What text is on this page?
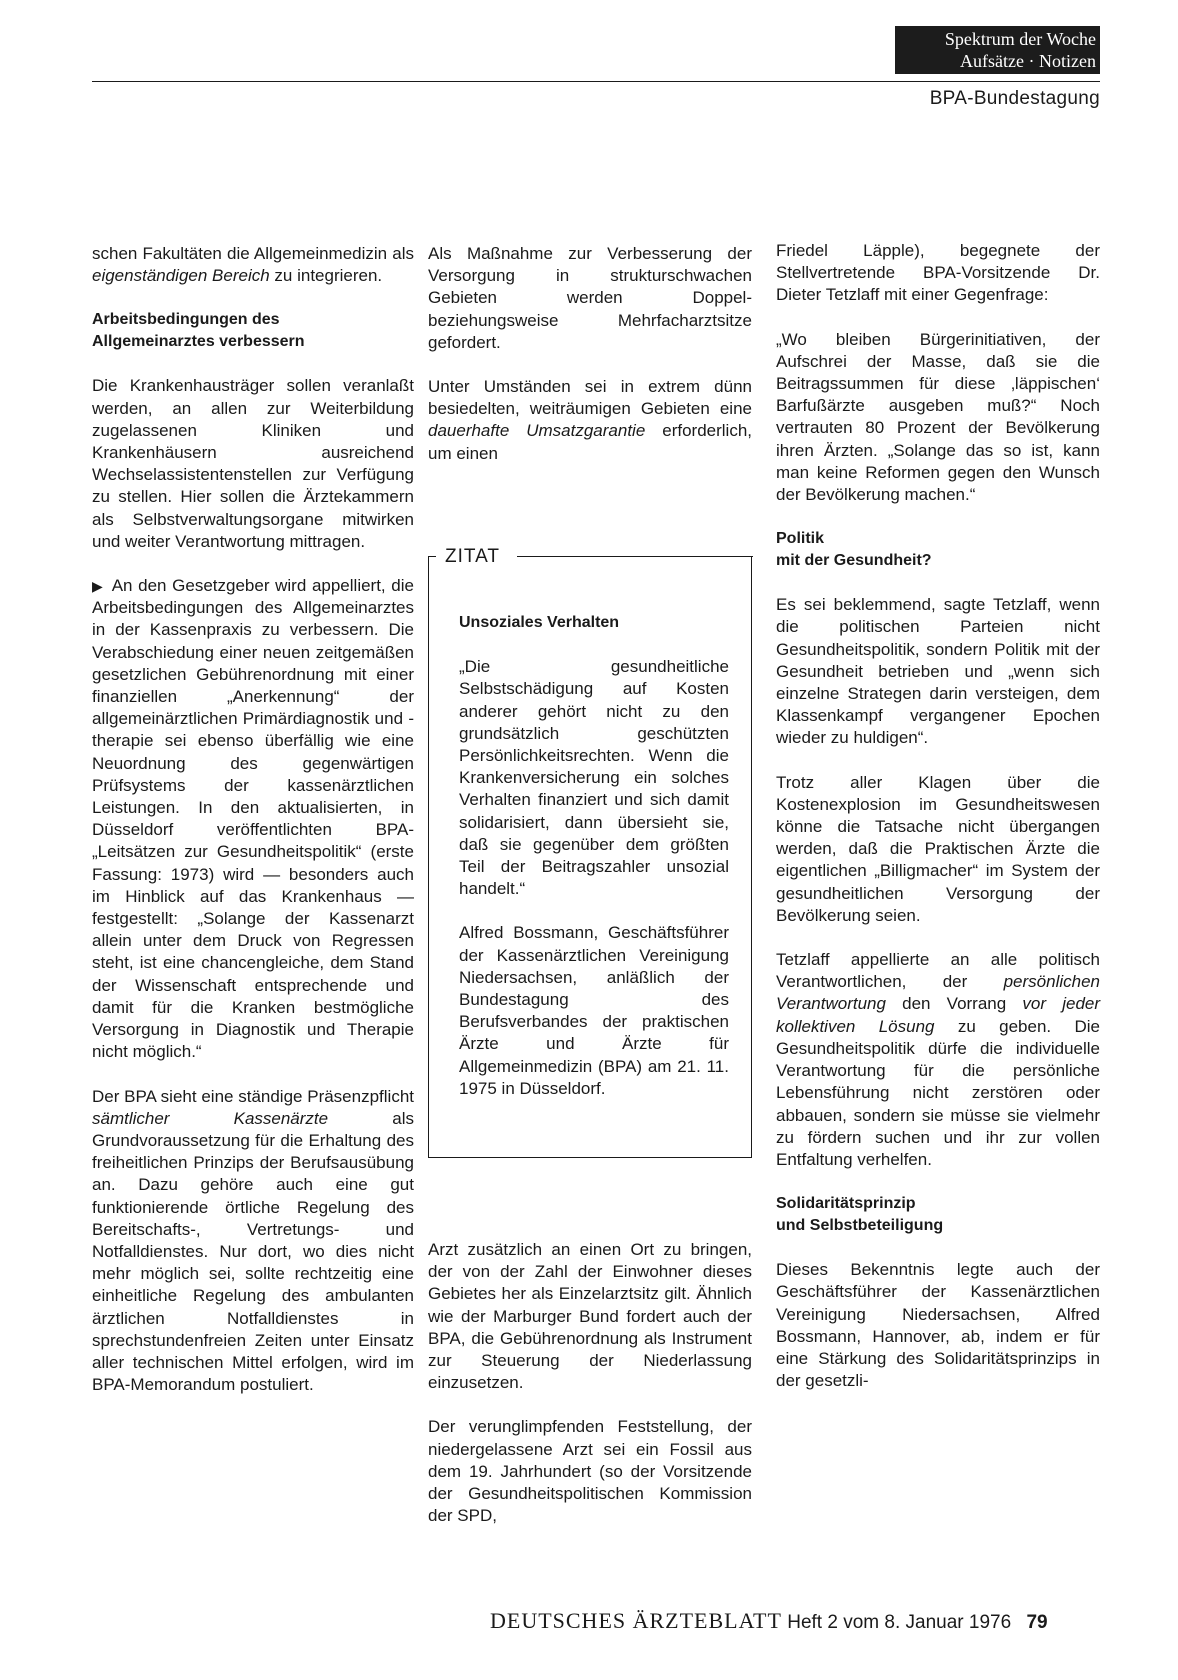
Spektrum der Woche
Aufsätze · Notizen
BPA-Bundestagung

schen Fakultäten die Allgemeinmedizin als eigenständigen Bereich zu integrieren.

Arbeitsbedingungen des
Allgemeinarztes verbessern

Die Krankenhausträger sollen veranlaßt werden, an allen zur Weiterbildung zugelassenen Kliniken und Krankenhäusern ausreichend Wechselassistentenstellen zur Verfügung zu stellen. Hier sollen die Ärztekammern als Selbstverwaltungsorgane mitwirken und weiter Verantwortung mittragen.

▶ An den Gesetzgeber wird appelliert, die Arbeitsbedingungen des Allgemeinarztes in der Kassenpraxis zu verbessern. Die Verabschiedung einer neuen zeitgemäßen gesetzlichen Gebührenordnung mit einer finanziellen „Anerkennung“ der allgemeinärztlichen Primärdiagnostik und -therapie sei ebenso überfällig wie eine Neuordnung des gegenwärtigen Prüfsystems der kassenärztlichen Leistungen. In den aktualisierten, in Düsseldorf veröffentlichten BPA-„Leitsätzen zur Gesundheitspolitik“ (erste Fassung: 1973) wird — besonders auch im Hinblick auf das Krankenhaus — festgestellt: „Solange der Kassenarzt allein unter dem Druck von Regressen steht, ist eine chancengleiche, dem Stand der Wissenschaft entsprechende und damit für die Kranken bestmögliche Versorgung in Diagnostik und Therapie nicht möglich.“

Der BPA sieht eine ständige Präsenzpflicht sämtlicher Kassenärzte als Grundvoraussetzung für die Erhaltung des freiheitlichen Prinzips der Berufsausübung an. Dazu gehöre auch eine gut funktionierende örtliche Regelung des Bereitschafts-, Vertretungs- und Notfalldienstes. Nur dort, wo dies nicht mehr möglich sei, sollte rechtzeitig eine einheitliche Regelung des ambulanten ärztlichen Notfalldienstes in sprechstundenfreien Zeiten unter Einsatz aller technischen Mittel erfolgen, wird im BPA-Memorandum postuliert.

Als Maßnahme zur Verbesserung der Versorgung in strukturschwachen Gebieten werden Doppel- beziehungsweise Mehrfacharztsitze gefordert.

Unter Umständen sei in extrem dünn besiedelten, weiträumigen Gebieten eine dauerhafte Umsatzgarantie erforderlich, um einen

ZITAT
Unsoziales Verhalten

„Die gesundheitliche Selbstschädigung auf Kosten anderer gehört nicht zu den grundsätzlich geschützten Persönlichkeitsrechten. Wenn die Krankenversicherung ein solches Verhalten finanziert und sich damit solidarisiert, dann übersieht sie, daß sie gegenüber dem größten Teil der Beitragszahler unsozial handelt.“

Alfred Bossmann, Geschäftsführer der Kassenärztlichen Vereinigung Niedersachsen, anläßlich der Bundestagung des Berufsverbandes der praktischen Ärzte und Ärzte für Allgemeinmedizin (BPA) am 21. 11. 1975 in Düsseldorf.

Arzt zusätzlich an einen Ort zu bringen, der von der Zahl der Einwohner dieses Gebietes her als Einzelarztsitz gilt. Ähnlich wie der Marburger Bund fordert auch der BPA, die Gebührenordnung als Instrument zur Steuerung der Niederlassung einzusetzen.

Der verunglimpfenden Feststellung, der niedergelassene Arzt sei ein Fossil aus dem 19. Jahrhundert (so der Vorsitzende der Gesundheitspolitischen Kommission der SPD,

Friedel Läpple), begegnete der Stellvertretende BPA-Vorsitzende Dr. Dieter Tetzlaff mit einer Gegenfrage:

„Wo bleiben Bürgerinitiativen, der Aufschrei der Masse, daß sie die Beitragssummen für diese ‚läppischen‘ Barfußärzte ausgeben muß?“ Noch vertrauten 80 Prozent der Bevölkerung ihren Ärzten. „Solange das so ist, kann man keine Reformen gegen den Wunsch der Bevölkerung machen.“

Politik
mit der Gesundheit?

Es sei beklemmend, sagte Tetzlaff, wenn die politischen Parteien nicht Gesundheitspolitik, sondern Politik mit der Gesundheit betrieben und „wenn sich einzelne Strategen darin versteigen, dem Klassenkampf vergangener Epochen wieder zu huldigen“.

Trotz aller Klagen über die Kostenexplosion im Gesundheitswesen könne die Tatsache nicht übergangen werden, daß die Praktischen Ärzte die eigentlichen „Billigmacher“ im System der gesundheitlichen Versorgung der Bevölkerung seien.

Tetzlaff appellierte an alle politisch Verantwortlichen, der persönlichen Verantwortung den Vorrang vor jeder kollektiven Lösung zu geben. Die Gesundheitspolitik dürfe die individuelle Verantwortung für die persönliche Lebensführung nicht zerstören oder abbauen, sondern sie müsse sie vielmehr zu fördern suchen und ihr zur vollen Entfaltung verhelfen.

Solidaritätsprinzip
und Selbstbeteiligung

Dieses Bekenntnis legte auch der Geschäftsführer der Kassenärztlichen Vereinigung Niedersachsen, Alfred Bossmann, Hannover, ab, indem er für eine Stärkung des Solidaritätsprinzips in der gesetzli-

DEUTSCHES ÄRZTEBLATT Heft 2 vom 8. Januar 1976 79
